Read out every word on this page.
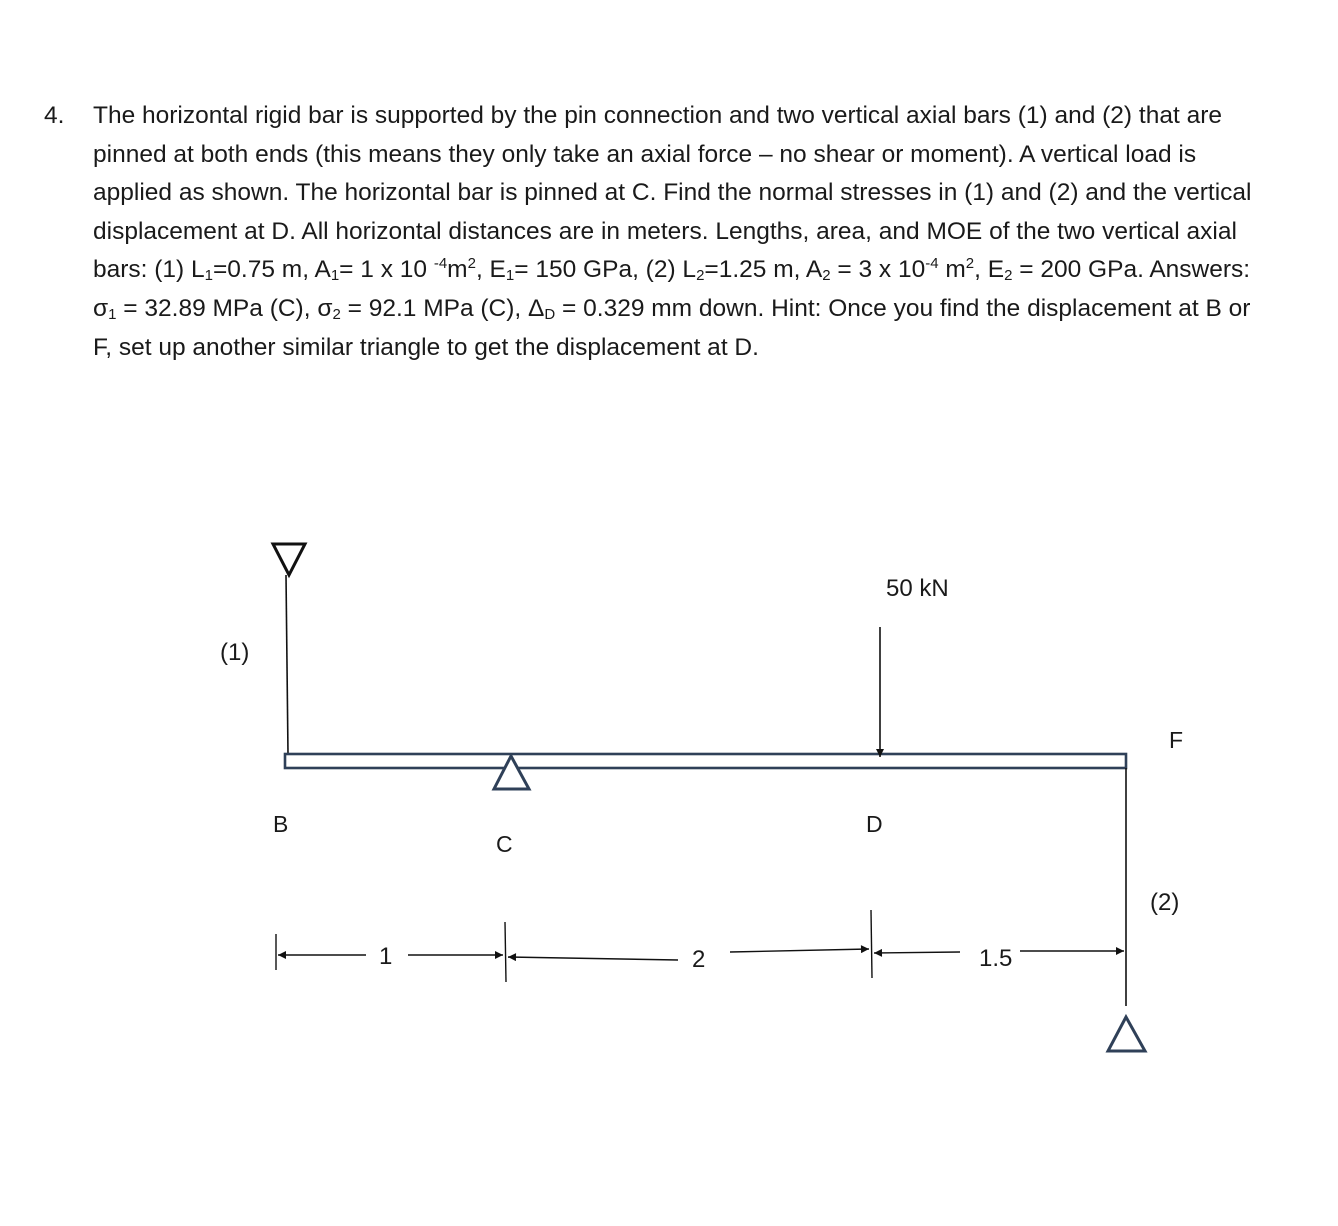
4. The horizontal rigid bar is supported by the pin connection and two vertical axial bars (1) and (2) that are pinned at both ends (this means they only take an axial force – no shear or moment). A vertical load is applied as shown. The horizontal bar is pinned at C. Find the normal stresses in (1) and (2) and the vertical displacement at D. All horizontal distances are in meters. Lengths, area, and MOE of the two vertical axial bars: (1) $L_1=0.75$ m, $A_1= 1$ x 10 $^{-4}m^2$, $E_1= 150$ GPa, (2) $L_2=1.25$ m, $A_2 = 3$ x $10^{-4}$ $m^2$, $E_2 = 200$ GPa. Answers: $\sigma_1 = 32.89$ MPa (C), $\sigma_2 = 92.1$ MPa (C), $\Delta_D = 0.329$ mm down. Hint: Once you find the displacement at B or F, set up another similar triangle to get the displacement at D.
(1)
50 kN
F
B	D
C
(2)
1	2	1.5
